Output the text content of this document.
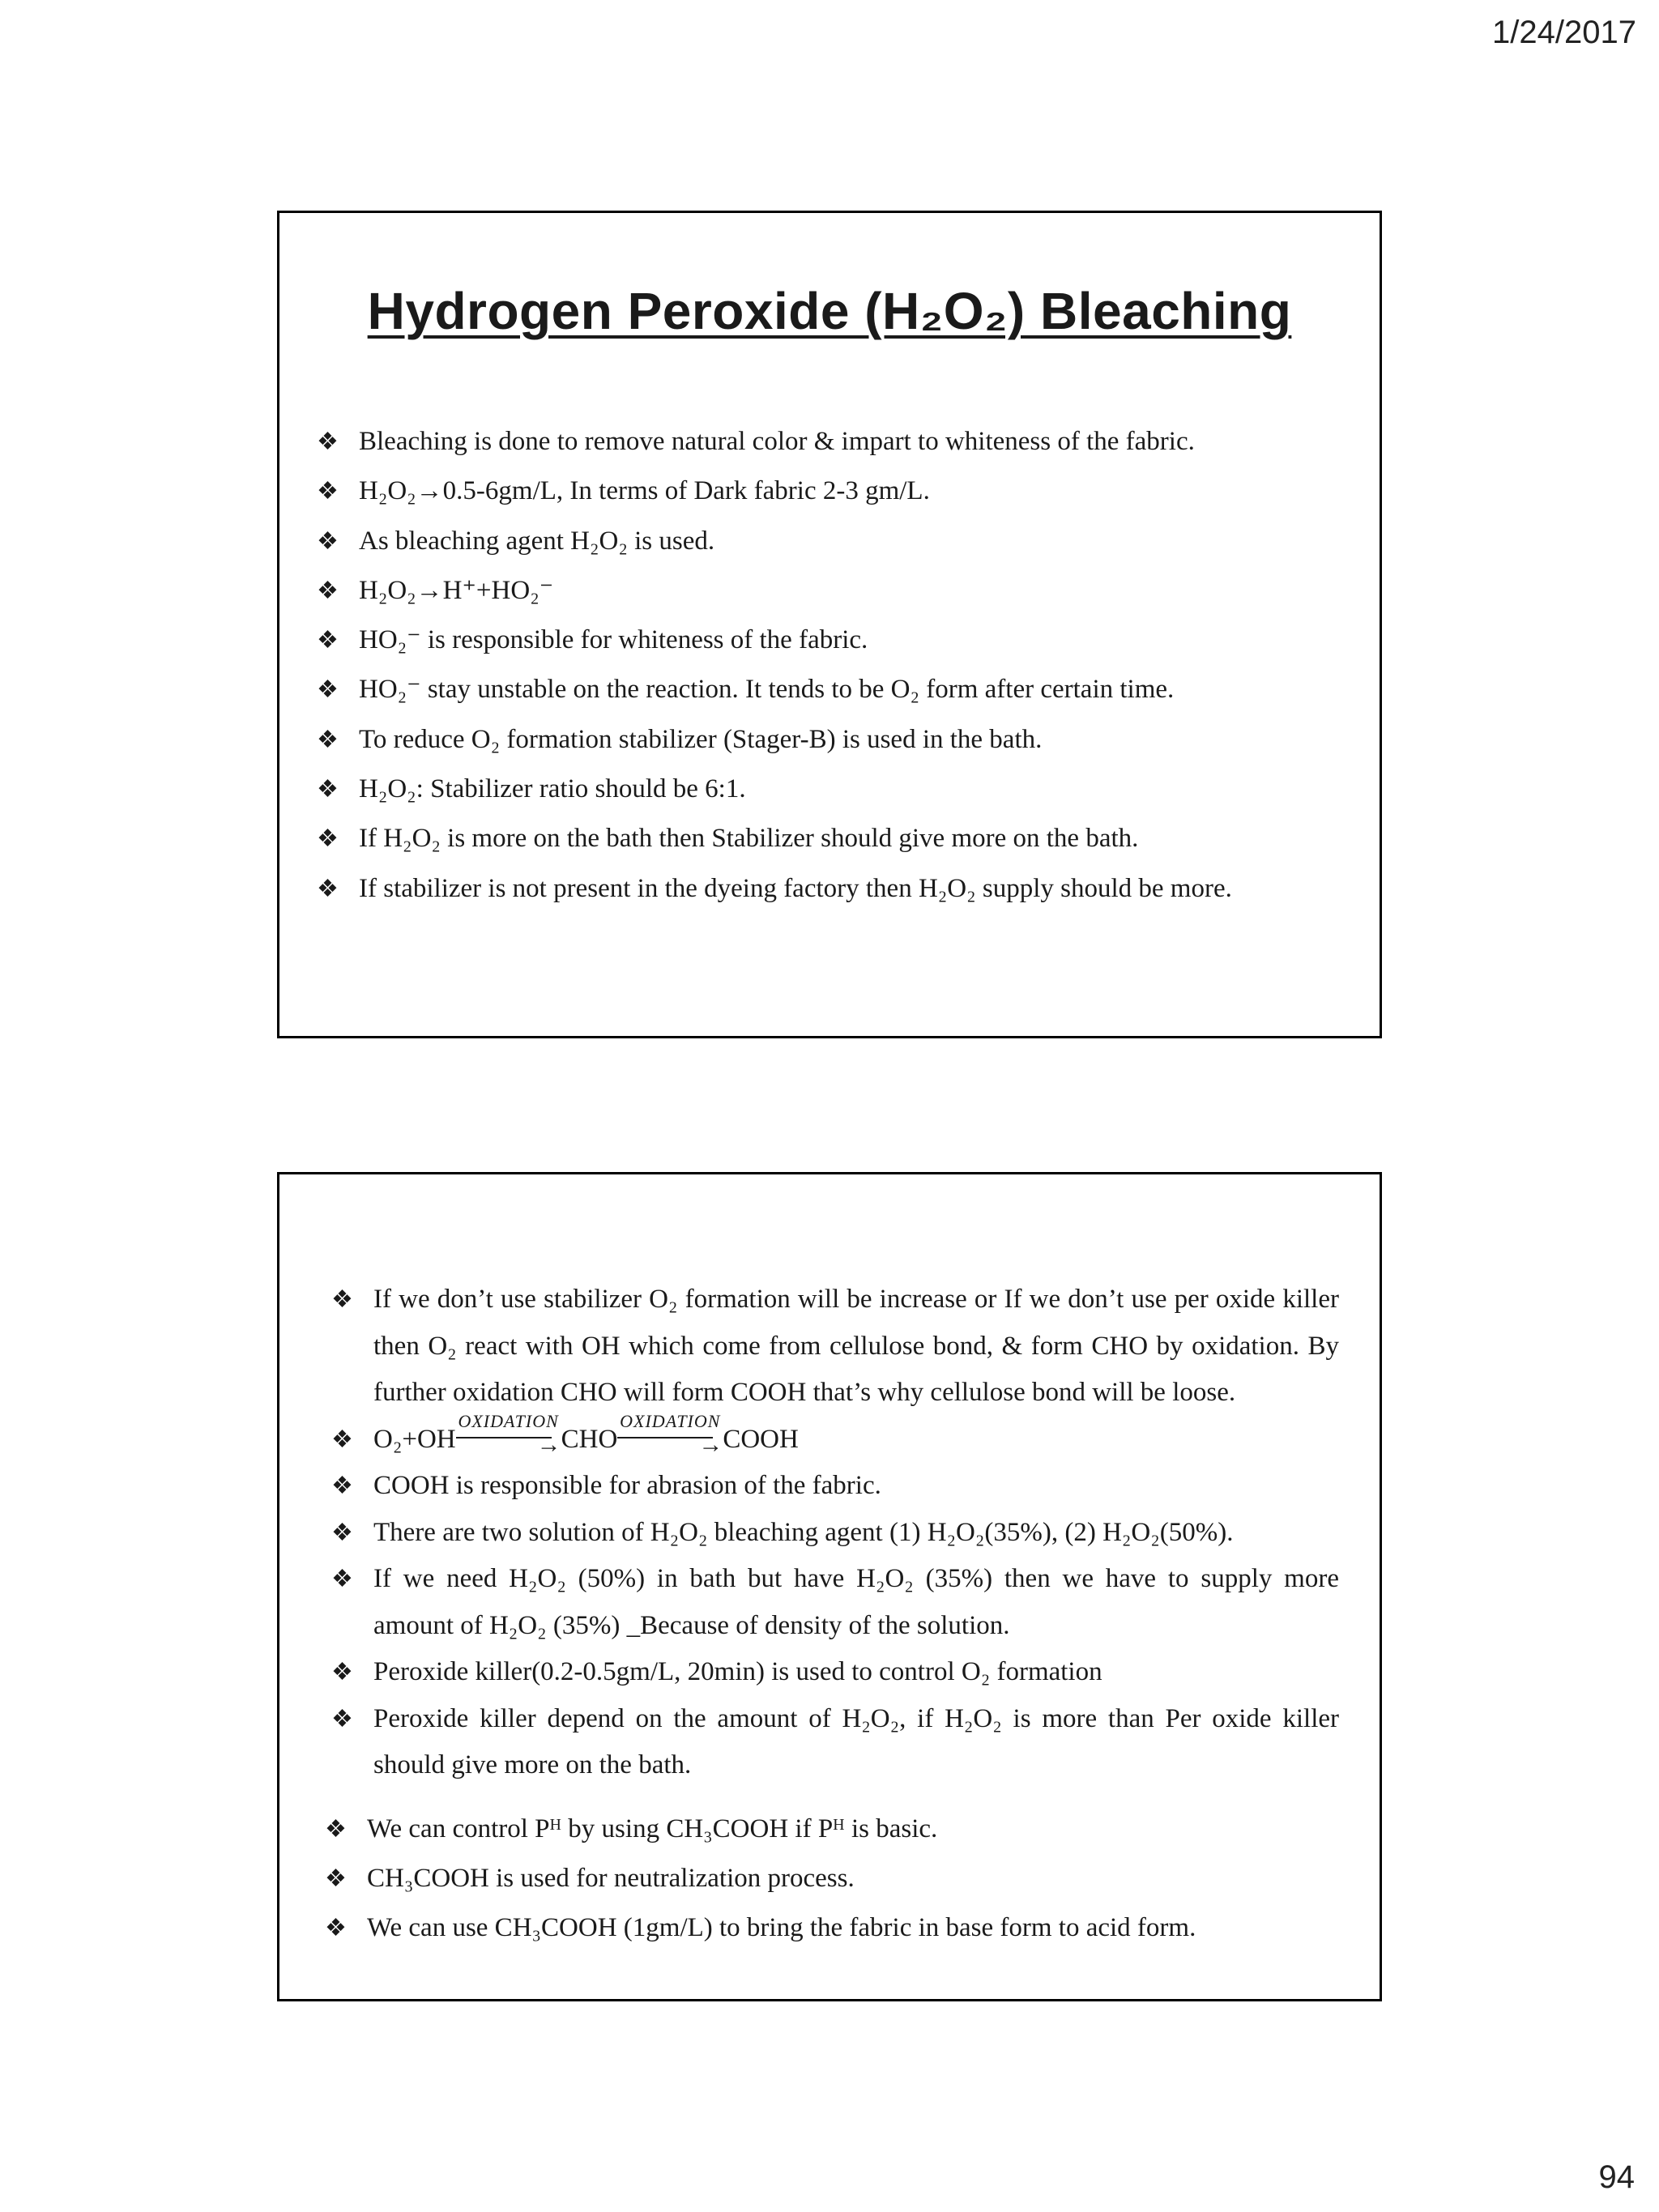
1/24/2017
Hydrogen Peroxide (H₂O₂) Bleaching
❖ Bleaching is done to remove natural color & impart to whiteness of the fabric.
❖ H₂O₂→0.5-6gm/L, In terms of Dark fabric 2-3 gm/L.
❖ As bleaching agent H₂O₂ is used.
❖ H₂O₂→H⁺+HO₂⁻
❖ HO₂⁻ is responsible for whiteness of the fabric.
❖ HO₂⁻ stay unstable on the reaction. It tends to be O₂ form after certain time.
❖ To reduce O₂ formation stabilizer (Stager-B) is used in the bath.
❖ H₂O₂: Stabilizer ratio should be 6:1.
❖ If H₂O₂ is more on the bath then Stabilizer should give more on the bath.
❖ If stabilizer is not present in the dyeing factory then H₂O₂ supply should be more.
❖ If we don’t use stabilizer O₂ formation will be increase or If we don’t use per oxide killer then O₂ react with OH which come from cellulose bond, & form CHO by oxidation. By further oxidation CHO will form COOH that’s why cellulose bond will be loose.
❖ O₂+OH
OXIDATION
→ CHO
OXIDATION
→ COOH
❖ COOH is responsible for abrasion of the fabric.
❖ There are two solution of H₂O₂ bleaching agent (1) H₂O₂(35%), (2) H₂O₂(50%).
❖ If we need H₂O₂ (50%) in bath but have H₂O₂ (35%) then we have to supply more amount of H₂O₂ (35%) _Because of density of the solution.
❖ Peroxide killer(0.2-0.5gm/L, 20min) is used to control O₂ formation
❖ Peroxide killer depend on the amount of H₂O₂, if H₂O₂ is more than Per oxide killer should give more on the bath.
❖ We can control Pᴴ by using CH₃COOH if Pᴴ is basic.
❖ CH₃COOH is used for neutralization process.
❖ We can use CH₃COOH (1gm/L) to bring the fabric in base form to acid form.
94
